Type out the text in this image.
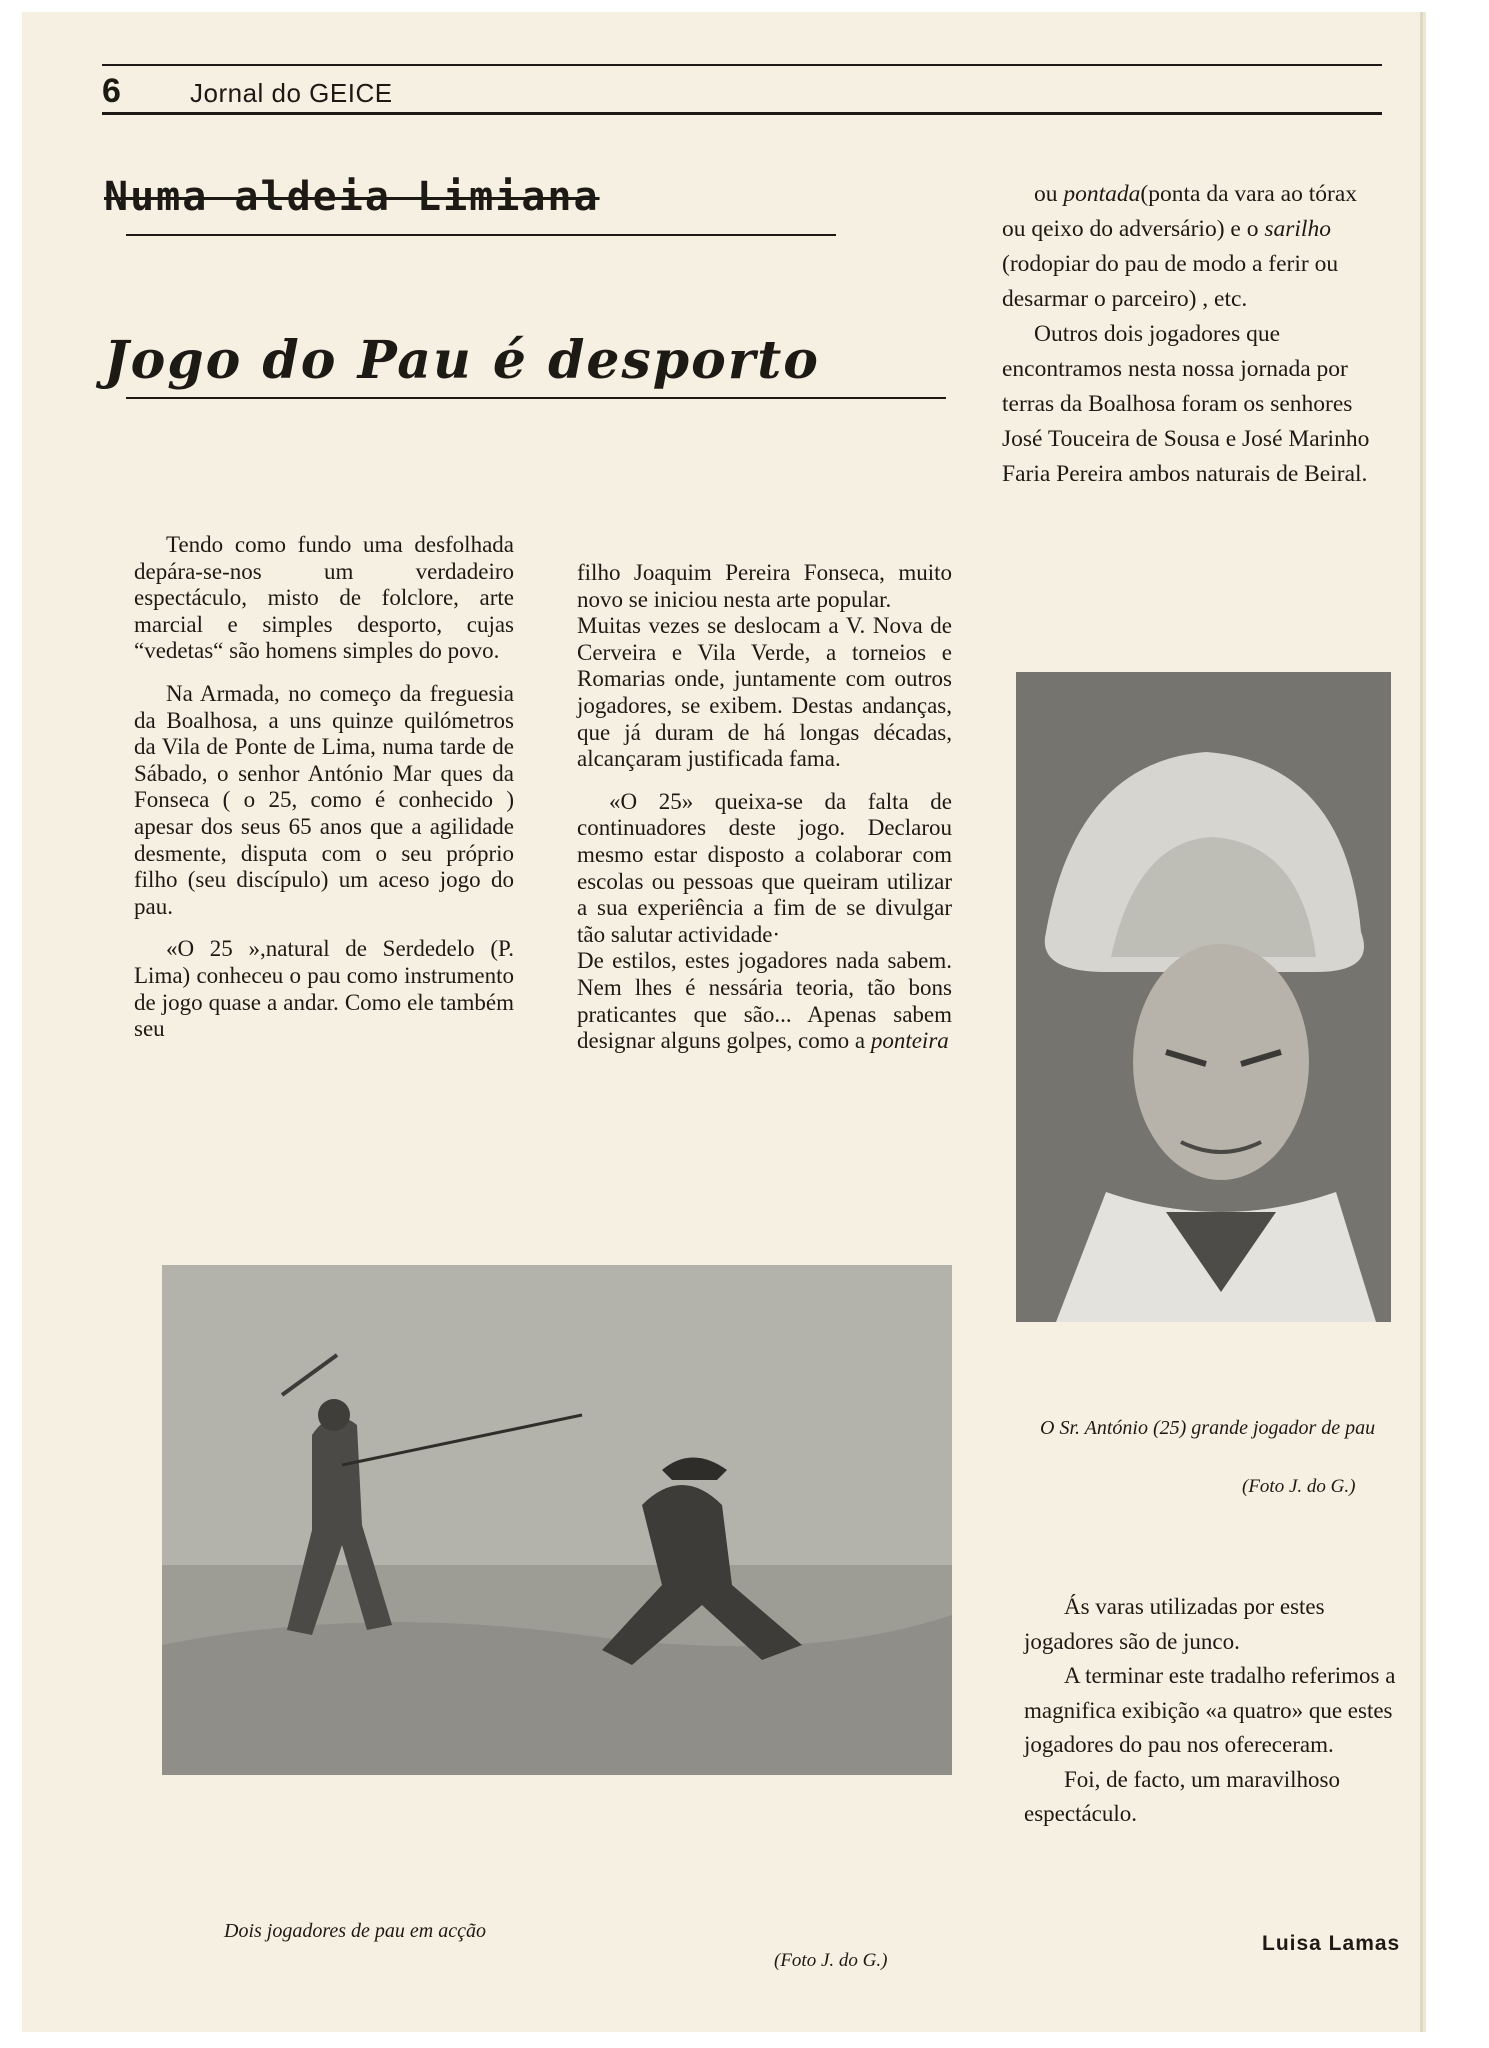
6	Jornal do GEICE
Numa aldeia Limiana
Jogo do Pau é desporto

Tendo como fundo uma desfolhada depára-se-nos um verdadeiro espectáculo, misto de folclore, arte marcial e simples desporto, cujas “vedetas“ são homens simples do povo.

Na Armada, no começo da freguesia da Boalhosa, a uns quinze quilómetros da Vila de Ponte de Lima, numa tarde de Sábado, o senhor António Mar ques da Fonseca ( o 25, como é conhecido ) apesar dos seus 65 anos que a agilidade desmente, disputa com o seu próprio filho (seu discípulo) um aceso jogo do pau.

«O 25 »,natural de Serdedelo (P. Lima) conheceu o pau como instrumento de jogo quase a andar. Como ele também seu

filho Joaquim Pereira Fonseca, muito novo se iniciou nesta arte popular.

Muitas vezes se deslocam a V. Nova de Cerveira e Vila Verde, a torneios e Romarias onde, juntamente com outros jogadores, se exibem. Destas andanças, que já duram de há longas décadas, alcançaram justificada fama.

«O 25» queixa-se da falta de continuadores deste jogo. Declarou mesmo estar disposto a colaborar com escolas ou pessoas que queiram utilizar a sua experiência a fim de se divulgar tão salutar actividade·

De estilos, estes jogadores nada sabem. Nem lhes é nessária teoria, tão bons praticantes que são... Apenas sabem designar alguns golpes, como a ponteira

ou pontada(ponta da vara ao tórax ou qeixo do adversário) e o sarilho (rodopiar do pau de modo a ferir ou desarmar o parceiro) , etc.

Outros dois jogadores que encontramos nesta nossa jornada por terras da Boalhosa foram os senhores José Touceira de Sousa e José Marinho Faria Pereira ambos naturais de Beiral.

O Sr. António (25) grande jogador de pau
(Foto J. do G.)
Dois jogadores de pau em acção
(Foto J. do G.)

Ás varas utilizadas por estes jogadores são de junco.

A terminar este tradalho referimos a magnifica exibição «a quatro» que estes jogadores do pau nos ofereceram.

Foi, de facto, um maravilhoso espectáculo.

Luisa Lamas
